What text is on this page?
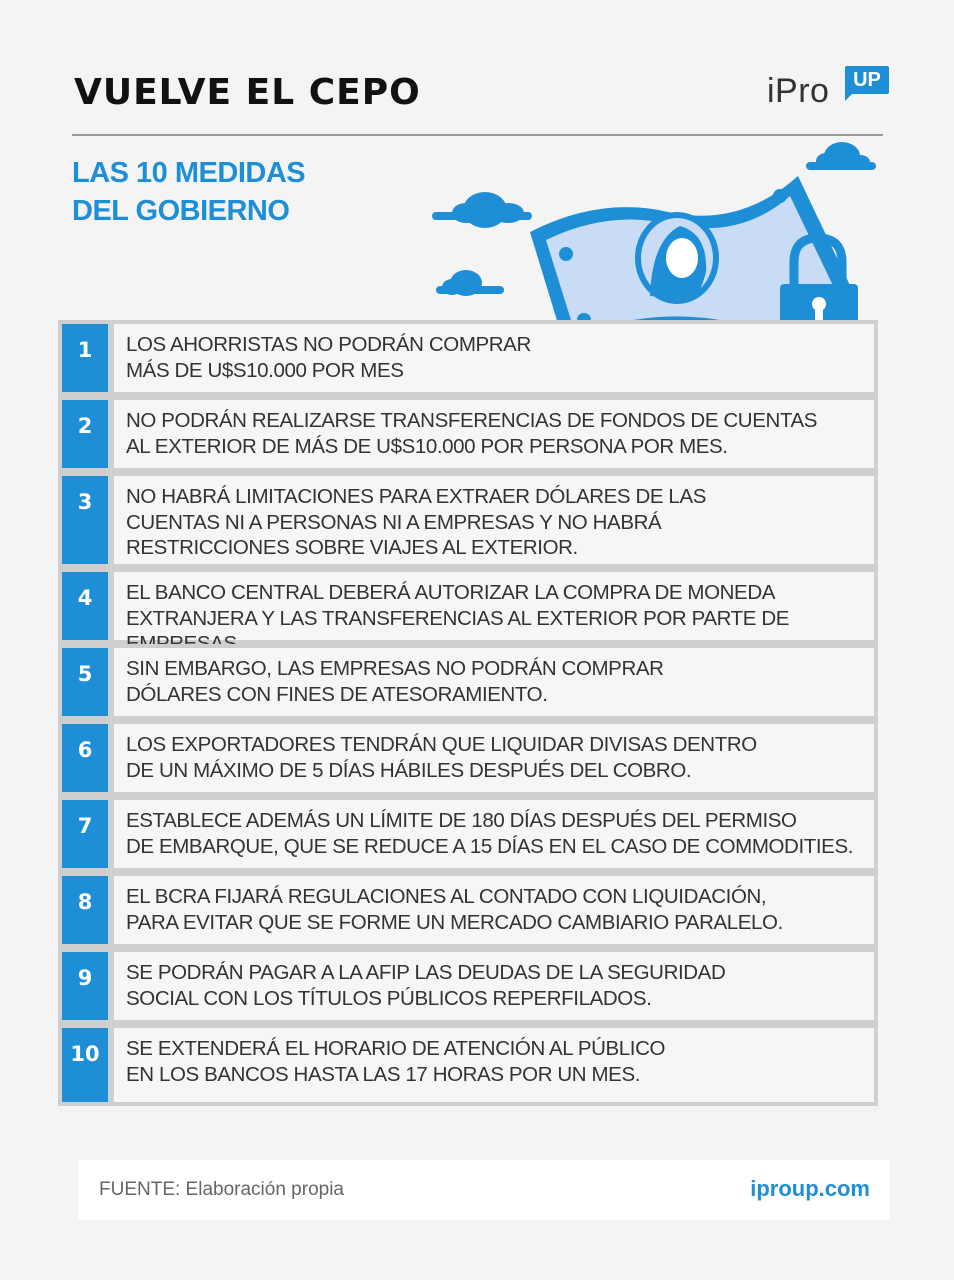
VUELVE EL CEPO	iPro	UP
LAS 10 MEDIDAS
DEL GOBIERNO
1	LOS AHORRISTAS NO PODRÁN COMPRAR
MÁS DE U$S10.000 POR MES
2	NO PODRÁN REALIZARSE TRANSFERENCIAS DE FONDOS DE CUENTAS
AL EXTERIOR DE MÁS DE U$S10.000 POR PERSONA POR MES.
3	NO HABRÁ LIMITACIONES PARA EXTRAER DÓLARES DE LAS
CUENTAS NI A PERSONAS NI A EMPRESAS Y NO HABRÁ
RESTRICCIONES SOBRE VIAJES AL EXTERIOR.
4	EL BANCO CENTRAL DEBERÁ AUTORIZAR LA COMPRA DE MONEDA
EXTRANJERA Y LAS TRANSFERENCIAS AL EXTERIOR POR PARTE DE
5	SIN EMBARGO, LAS EMPRESAS NO PODRÁN COMPRAR
DÓLARES CON FINES DE ATESORAMIENTO.
6	LOS EXPORTADORES TENDRÁN QUE LIQUIDAR DIVISAS DENTRO
DE UN MÁXIMO DE 5 DÍAS HÁBILES DESPUÉS DEL COBRO.
7	ESTABLECE ADEMÁS UN LÍMITE DE 180 DÍAS DESPUÉS DEL PERMISO
DE EMBARQUE, QUE SE REDUCE A 15 DÍAS EN EL CASO DE COMMODITIES.
8	EL BCRA FIJARÁ REGULACIONES AL CONTADO CON LIQUIDACIÓN,
PARA EVITAR QUE SE FORME UN MERCADO CAMBIARIO PARALELO.
9	SE PODRÁN PAGAR A LA AFIP LAS DEUDAS DE LA SEGURIDAD
SOCIAL CON LOS TÍTULOS PÚBLICOS REPERFILADOS.
10	SE EXTENDERÁ EL HORARIO DE ATENCIÓN AL PÚBLICO
EN LOS BANCOS HASTA LAS 17 HORAS POR UN MES.
FUENTE: Elaboración propia	iproup.com
